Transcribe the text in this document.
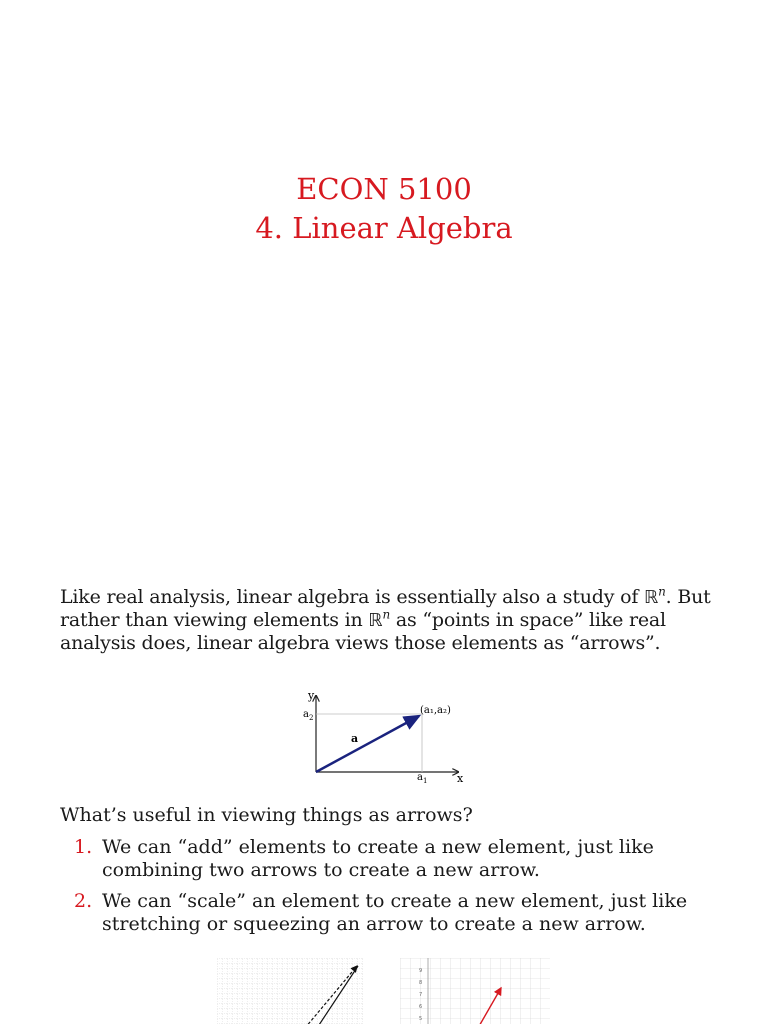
ECON 5100
4. Linear Algebra
Like real analysis, linear algebra is essentially also a study of ℝ$^n$. But rather than viewing elements in ℝ$^n$ as “points in space” like real analysis does, linear algebra views those elements as “arrows”.
y
$a_2$
x
$a_1$
a
(a₁,a₂)
What’s useful in viewing things as arrows?
1. We can “add” elements to create a new element, just like combining two arrows to create a new arrow.
2. We can “scale” an element to create a new element, just like stretching or squeezing an arrow to create a new arrow.
9
8
7
6
5
